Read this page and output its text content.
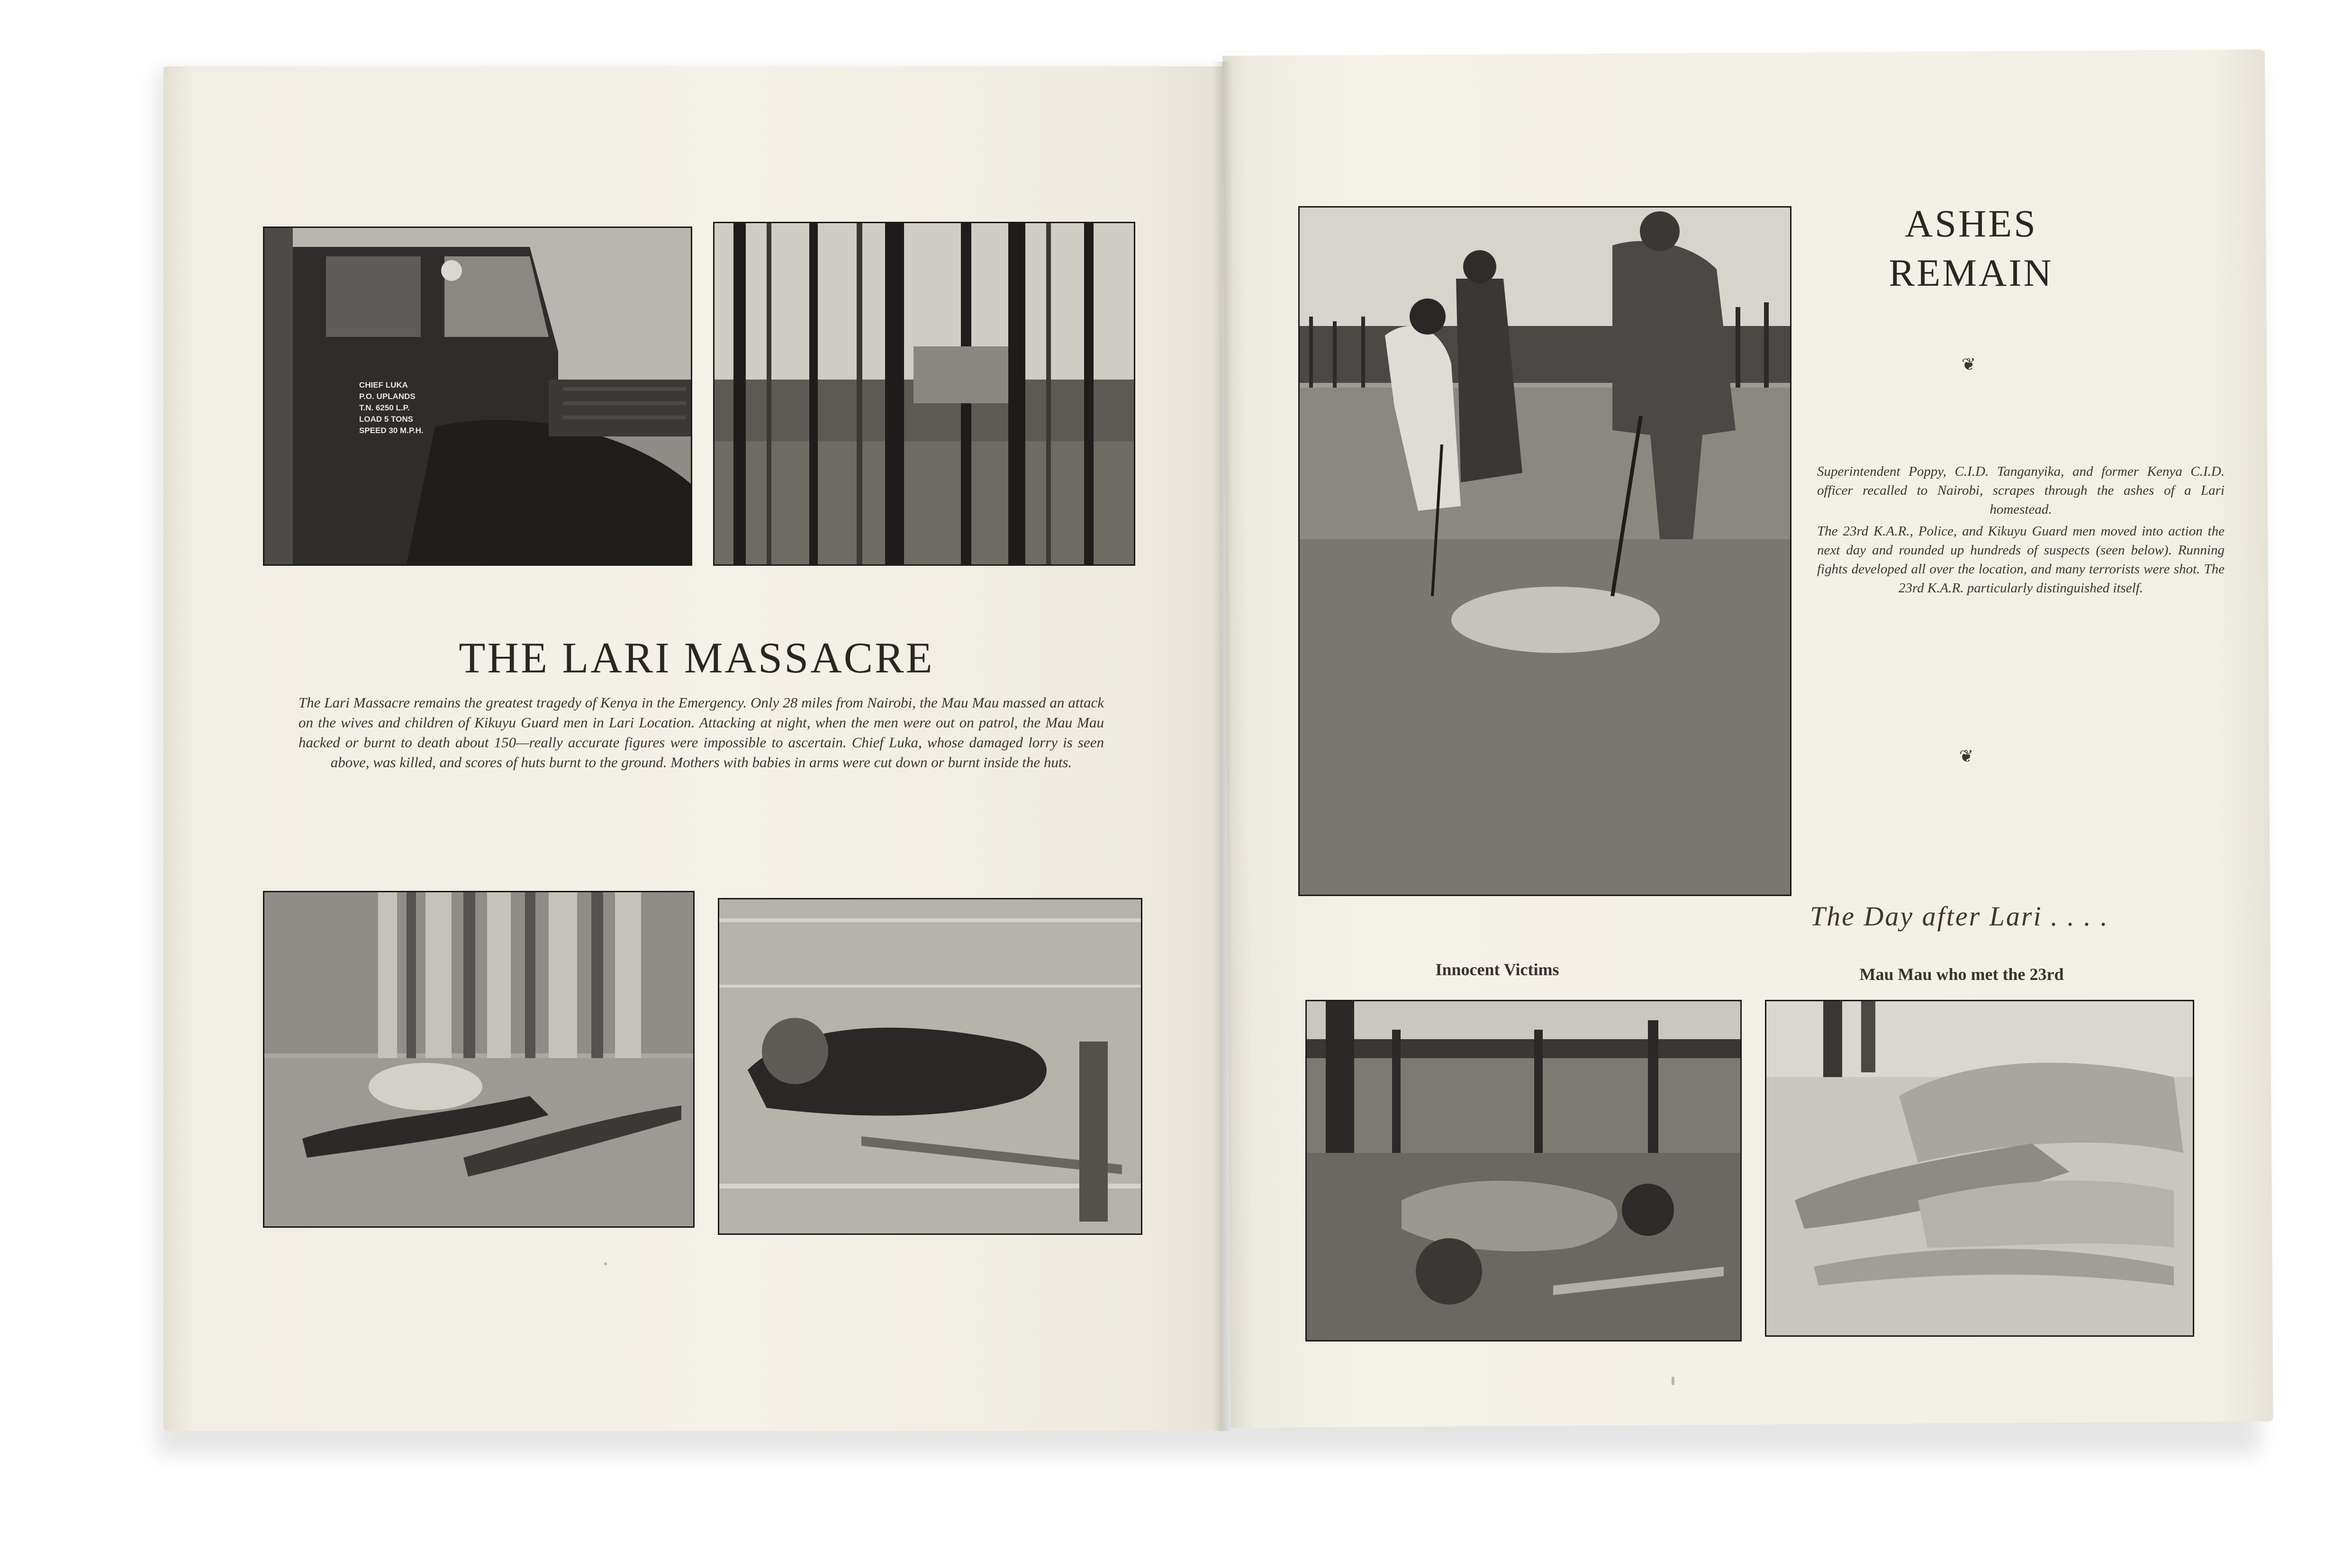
CHIEF LUKA
P.O. UPLANDS
T.N. 6250 L.P.
LOAD 5 TONS
SPEED 30 M.P.H.
THE LARI MASSACRE
The Lari Massacre remains the greatest tragedy of Kenya in the Emergency. Only 28 miles from Nairobi, the Mau Mau massed an attack on the wives and children of Kikuyu Guard men in Lari Location. Attacking at night, when the men were out on patrol, the Mau Mau hacked or burnt to death about 150—really accurate figures were impossible to ascertain. Chief Luka, whose damaged lorry is seen above, was killed, and scores of huts burnt to the ground. Mothers with babies in arms were cut down or burnt inside the huts.
ASHES
REMAIN
❦

Superintendent Poppy, C.I.D. Tanganyika, and former Kenya C.I.D. officer recalled to Nairobi, scrapes through the ashes of a Lari homestead.

The 23rd K.A.R., Police, and Kikuyu Guard men moved into action the next day and rounded up hundreds of suspects (seen below). Running fights developed all over the location, and many terrorists were shot. The 23rd K.A.R. particularly distinguished itself.

❦
The Day after Lari . . . .
Innocent Victims	Mau Mau who met the 23rd
